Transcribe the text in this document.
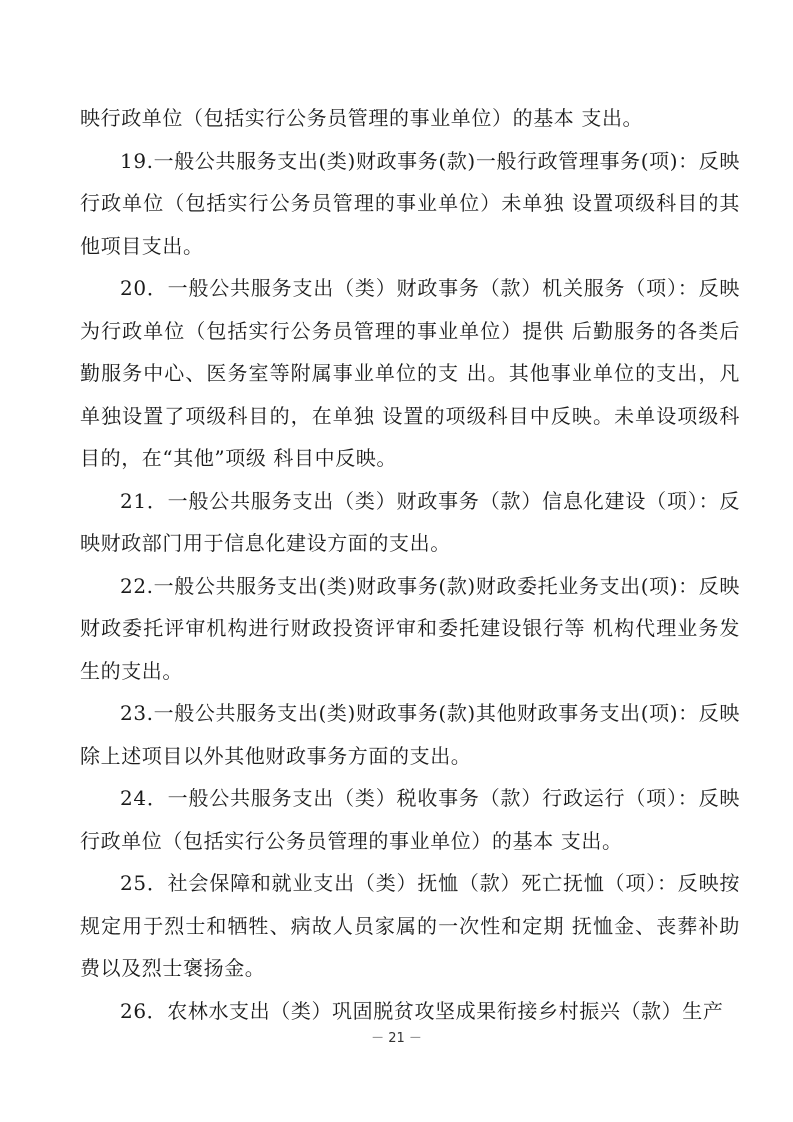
映行政单位（包括实行公务员管理的事业单位）的基本 支出。

19.一般公共服务支出(类)财政事务(款)一般行政管理事务(项)：反映行政单位（包括实行公务员管理的事业单位）未单独 设置项级科目的其他项目支出。

20．一般公共服务支出（类）财政事务（款）机关服务（项）：反映为行政单位（包括实行公务员管理的事业单位）提供 后勤服务的各类后勤服务中心、医务室等附属事业单位的支 出。其他事业单位的支出，凡单独设置了项级科目的，在单独 设置的项级科目中反映。未单设项级科目的，在“其他”项级 科目中反映。

21．一般公共服务支出（类）财政事务（款）信息化建设（项）：反映财政部门用于信息化建设方面的支出。

22.一般公共服务支出(类)财政事务(款)财政委托业务支出(项)：反映财政委托评审机构进行财政投资评审和委托建设银行等 机构代理业务发生的支出。

23.一般公共服务支出(类)财政事务(款)其他财政事务支出(项)：反映除上述项目以外其他财政事务方面的支出。

24．一般公共服务支出（类）税收事务（款）行政运行（项）：反映行政单位（包括实行公务员管理的事业单位）的基本 支出。

25．社会保障和就业支出（类）抚恤（款）死亡抚恤（项）：反映按规定用于烈士和牺牲、病故人员家属的一次性和定期 抚恤金、丧葬补助费以及烈士褒扬金。

26．农林水支出（类）巩固脱贫攻坚成果衔接乡村振兴（款）生产

－ 21 －
